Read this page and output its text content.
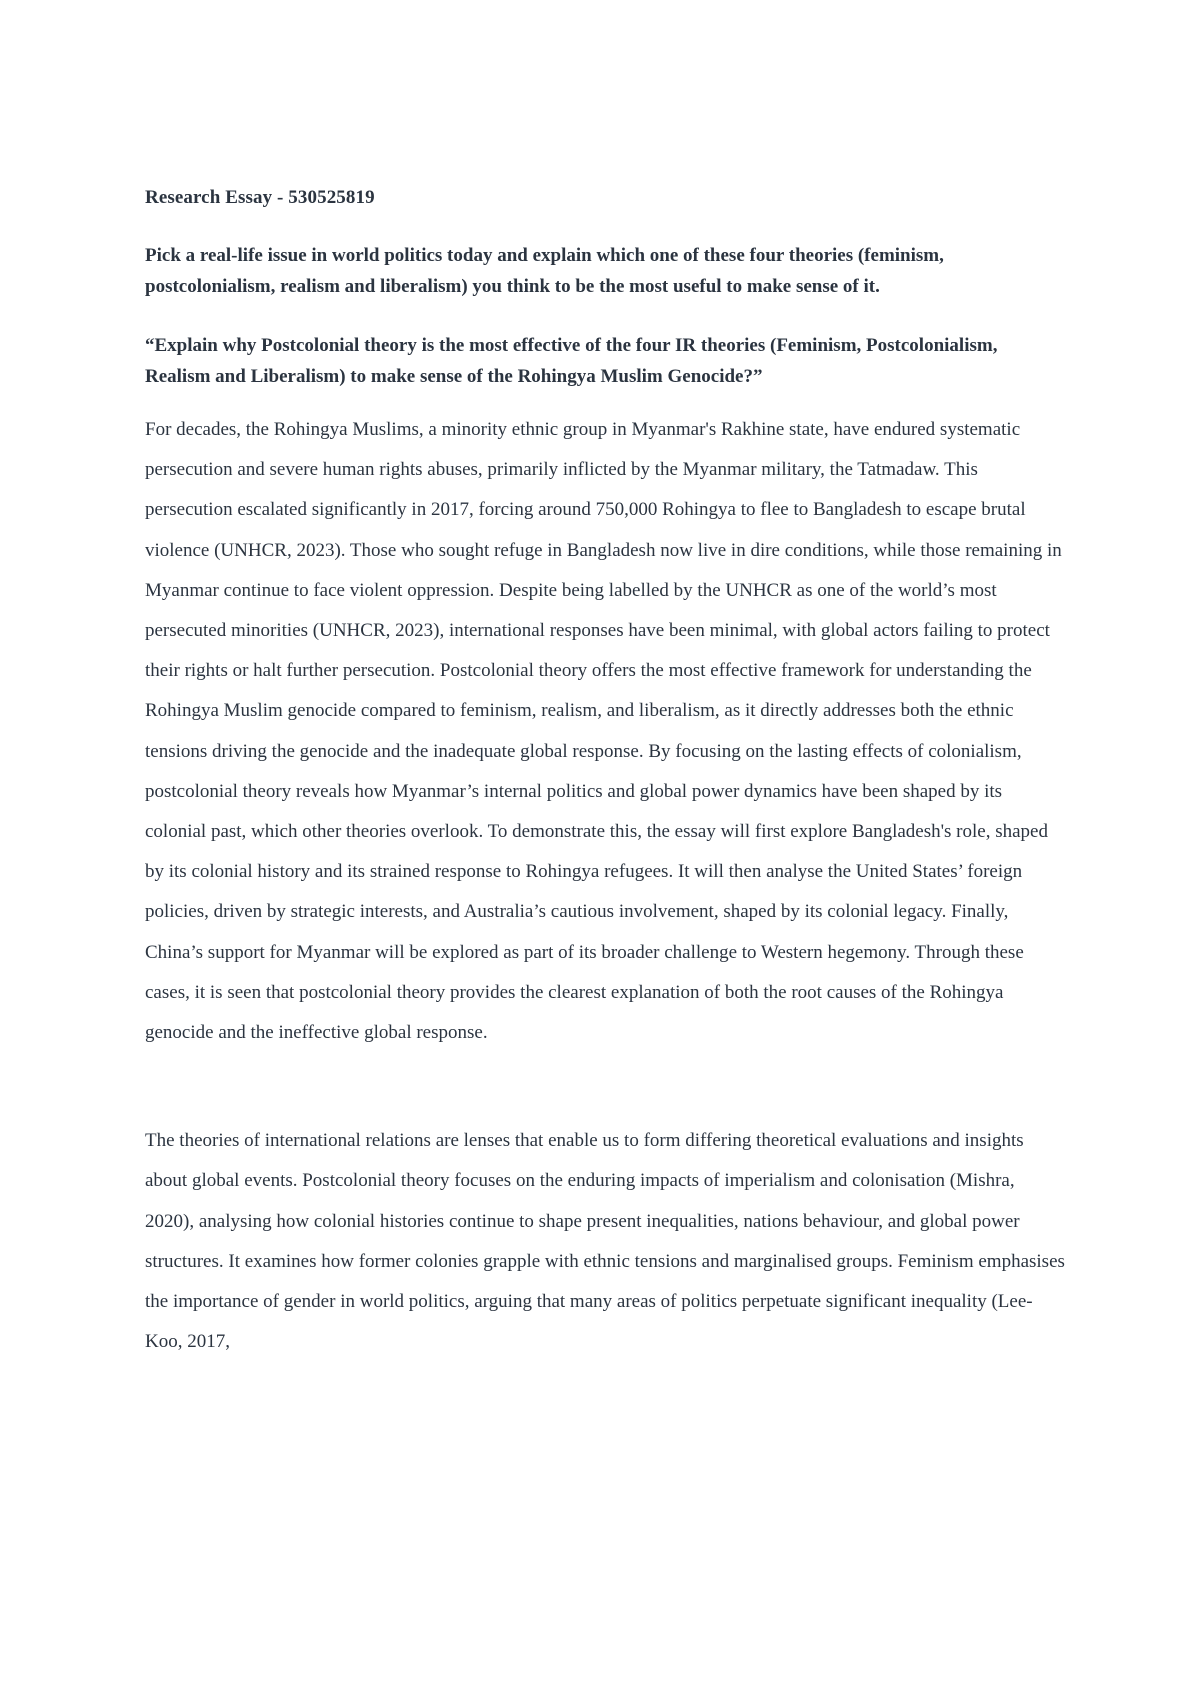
Research Essay - 530525819

Pick a real-life issue in world politics today and explain which one of these four theories (feminism, postcolonialism, realism and liberalism) you think to be the most useful to make sense of it.

“Explain why Postcolonial theory is the most effective of the four IR theories (Feminism, Postcolonialism, Realism and Liberalism) to make sense of the Rohingya Muslim Genocide?”

For decades, the Rohingya Muslims, a minority ethnic group in Myanmar's Rakhine state, have endured systematic persecution and severe human rights abuses, primarily inflicted by the Myanmar military, the Tatmadaw. This persecution escalated significantly in 2017, forcing around 750,000 Rohingya to flee to Bangladesh to escape brutal violence (UNHCR, 2023). Those who sought refuge in Bangladesh now live in dire conditions, while those remaining in Myanmar continue to face violent oppression. Despite being labelled by the UNHCR as one of the world’s most persecuted minorities (UNHCR, 2023), international responses have been minimal, with global actors failing to protect their rights or halt further persecution. Postcolonial theory offers the most effective framework for understanding the Rohingya Muslim genocide compared to feminism, realism, and liberalism, as it directly addresses both the ethnic tensions driving the genocide and the inadequate global response. By focusing on the lasting effects of colonialism, postcolonial theory reveals how Myanmar’s internal politics and global power dynamics have been shaped by its colonial past, which other theories overlook. To demonstrate this, the essay will first explore Bangladesh's role, shaped by its colonial history and its strained response to Rohingya refugees. It will then analyse the United States’ foreign policies, driven by strategic interests, and Australia’s cautious involvement, shaped by its colonial legacy. Finally, China’s support for Myanmar will be explored as part of its broader challenge to Western hegemony. Through these cases, it is seen that postcolonial theory provides the clearest explanation of both the root causes of the Rohingya genocide and the ineffective global response.

The theories of international relations are lenses that enable us to form differing theoretical evaluations and insights about global events. Postcolonial theory focuses on the enduring impacts of imperialism and colonisation (Mishra, 2020), analysing how colonial histories continue to shape present inequalities, nations behaviour, and global power structures. It examines how former colonies grapple with ethnic tensions and marginalised groups. Feminism emphasises the importance of gender in world politics, arguing that many areas of politics perpetuate significant inequality (Lee-Koo, 2017,
